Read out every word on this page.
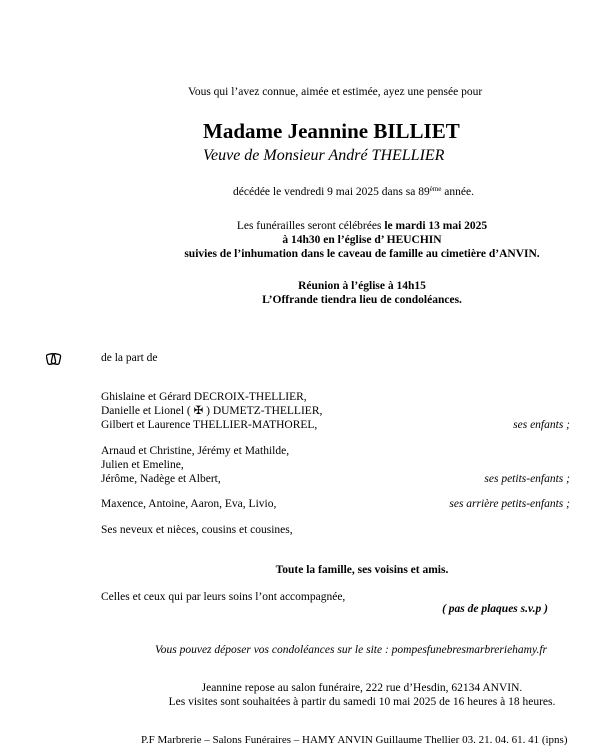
Vous qui l’avez connue, aimée et estimée, ayez une pensée pour
Madame Jeannine BILLIET
Veuve de Monsieur André THELLIER
décédée le vendredi 9 mai 2025 dans sa 89ème année.
Les funérailles seront célébrées le mardi 13 mai 2025
à 14h30 en l’église d’ HEUCHIN
suivies de l’inhumation dans le caveau de famille au cimetière d’ANVIN.
Réunion à l’église à 14h15
L’Offrande tiendra lieu de condoléances.
de la part de
Ghislaine et Gérard DECROIX-THELLIER,
Danielle et Lionel ( ✠ ) DUMETZ-THELLIER,
Gilbert et Laurence THELLIER-MATHOREL,	ses enfants ;
Arnaud et Christine, Jérémy et Mathilde,
Julien et Emeline,
Jérôme, Nadège et Albert,	ses petits-enfants ;
Maxence, Antoine, Aaron, Eva, Livio,	ses arrière petits-enfants ;
Ses neveux et nièces, cousins et cousines,
Toute la famille, ses voisins et amis.
Celles et ceux qui par leurs soins l’ont accompagnée,
( pas de plaques s.v.p )
Vous pouvez déposer vos condoléances sur le site : pompesfunebresmarbreriehamy.fr
Jeannine repose au salon funéraire, 222 rue d’Hesdin, 62134 ANVIN.
Les visites sont souhaitées à partir du samedi 10 mai 2025 de 16 heures à 18 heures.
P.F Marbrerie – Salons Funéraires – HAMY ANVIN Guillaume Thellier 03. 21. 04. 61. 41 (ipns)
